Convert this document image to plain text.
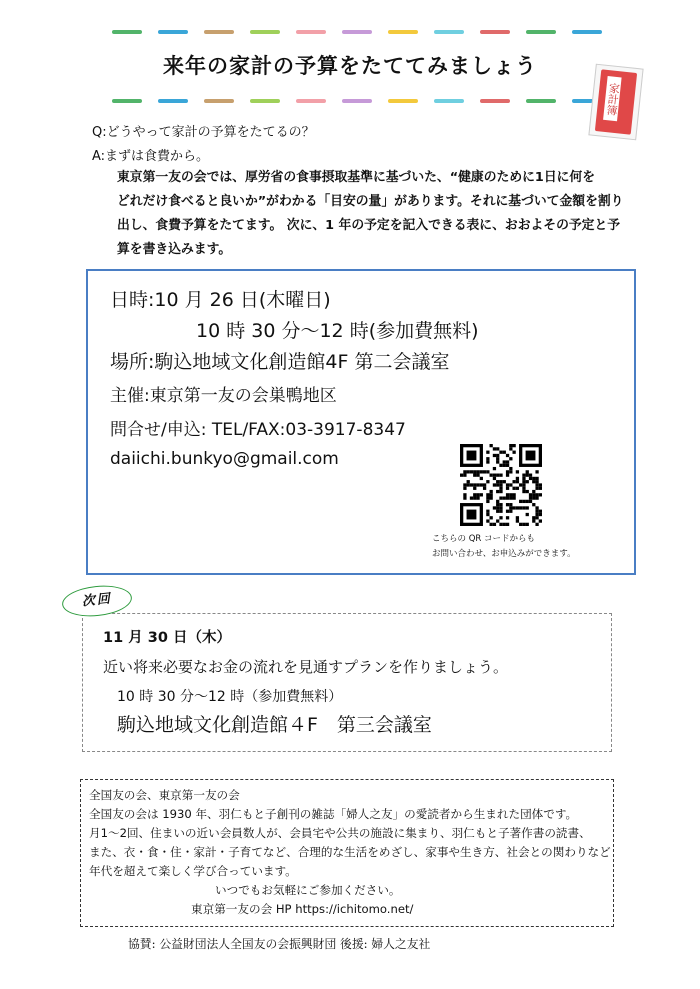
来年の家計の予算をたててみましょう
家計簿
Q:どうやって家計の予算をたてるの？
A:まずは食費から。
東京第一友の会では、厚労省の食事摂取基準に基づいた、“健康のために1日に何を
どれだけ食べると良いか”がわかる「目安の量」があります。それに基づいて金額を割り
出し、食費予算をたてます。 次に、1 年の予定を記入できる表に、おおよその予定と予
算を書き込みます。
日時:10 月 26 日(木曜日)
10 時 30 分～12 時(参加費無料)
場所:駒込地域文化創造館4F 第二会議室
主催:東京第一友の会巣鴨地区
問合せ/申込: TEL/FAX:03-3917-8347
daiichi.bunkyo@gmail.com
こちらの QR コードからも
お問い合わせ、お申込みができます。
次回
11 月 30 日（木）
近い将来必要なお金の流れを見通すプランを作りましょう。
10 時 30 分～12 時（参加費無料）
駒込地域文化創造館４F　第三会議室
全国友の会、東京第一友の会
全国友の会は 1930 年、羽仁もと子創刊の雑誌「婦人之友」の愛読者から生まれた団体です。
月1～2回、住まいの近い会員数人が、会員宅や公共の施設に集まり、羽仁もと子著作書の読書、
また、衣・食・住・家計・子育てなど、合理的な生活をめざし、家事や生き方、社会との関わりなど
年代を超えて楽しく学び合っています。
いつでもお気軽にご参加ください。
東京第一友の会 HP https://ichitomo.net/
協賛: 公益財団法人全国友の会振興財団 後援: 婦人之友社
